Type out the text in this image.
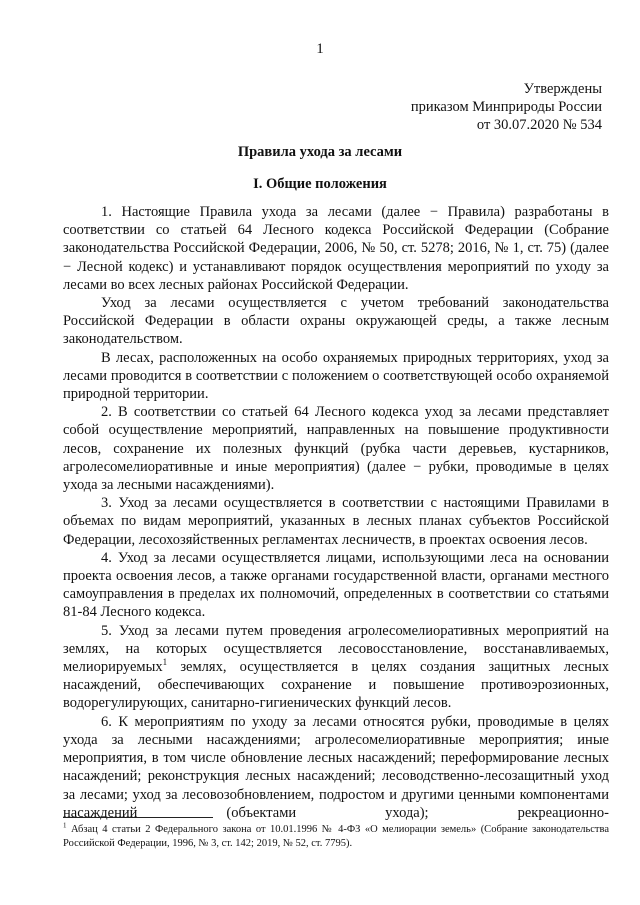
1
Утверждены
приказом Минприроды России
от 30.07.2020 № 534
Правила ухода за лесами
I. Общие положения

1. Настоящие Правила ухода за лесами (далее − Правила) разработаны в соответствии со статьей 64 Лесного кодекса Российской Федерации (Собрание законодательства Российской Федерации, 2006, № 50, ст. 5278; 2016, № 1, ст. 75) (далее − Лесной кодекс) и устанавливают порядок осуществления мероприятий по уходу за лесами во всех лесных районах Российской Федерации.

Уход за лесами осуществляется с учетом требований законодательства Российской Федерации в области охраны окружающей среды, а также лесным законодательством.

В лесах, расположенных на особо охраняемых природных территориях, уход за лесами проводится в соответствии с положением о соответствующей особо охраняемой природной территории.

2. В соответствии со статьей 64 Лесного кодекса уход за лесами представляет собой осуществление мероприятий, направленных на повышение продуктивности лесов, сохранение их полезных функций (рубка части деревьев, кустарников, агролесомелиоративные и иные мероприятия) (далее − рубки, проводимые в целях ухода за лесными насаждениями).

3. Уход за лесами осуществляется в соответствии с настоящими Правилами в объемах по видам мероприятий, указанных в лесных планах субъектов Российской Федерации, лесохозяйственных регламентах лесничеств, в проектах освоения лесов.

4. Уход за лесами осуществляется лицами, использующими леса на основании проекта освоения лесов, а также органами государственной власти, органами местного самоуправления в пределах их полномочий, определенных в соответствии со статьями 81-84 Лесного кодекса.

5. Уход за лесами путем проведения агролесомелиоративных мероприятий на землях, на которых осуществляется лесовосстановление, восстанавливаемых, мелиорируемых$^1$ землях, осуществляется в целях создания защитных лесных насаждений, обеспечивающих сохранение и повышение противоэрозионных, водорегулирующих, санитарно-гигиенических функций лесов.

6. К мероприятиям по уходу за лесами относятся рубки, проводимые в целях ухода за лесными насаждениями; агролесомелиоративные мероприятия; иные мероприятия, в том числе обновление лесных насаждений; переформирование лесных насаждений; реконструкция лесных насаждений; лесоводственно-лесозащитный уход за лесами; уход за лесовозобновлением, подростом и другими ценными компонентами насаждений (объектами ухода); рекреационно-

$^1$ Абзац 4 статьи 2 Федерального закона от 10.01.1996 № 4-ФЗ «О мелиорации земель» (Собрание законодательства Российской Федерации, 1996, № 3, ст. 142; 2019, № 52, ст. 7795).
